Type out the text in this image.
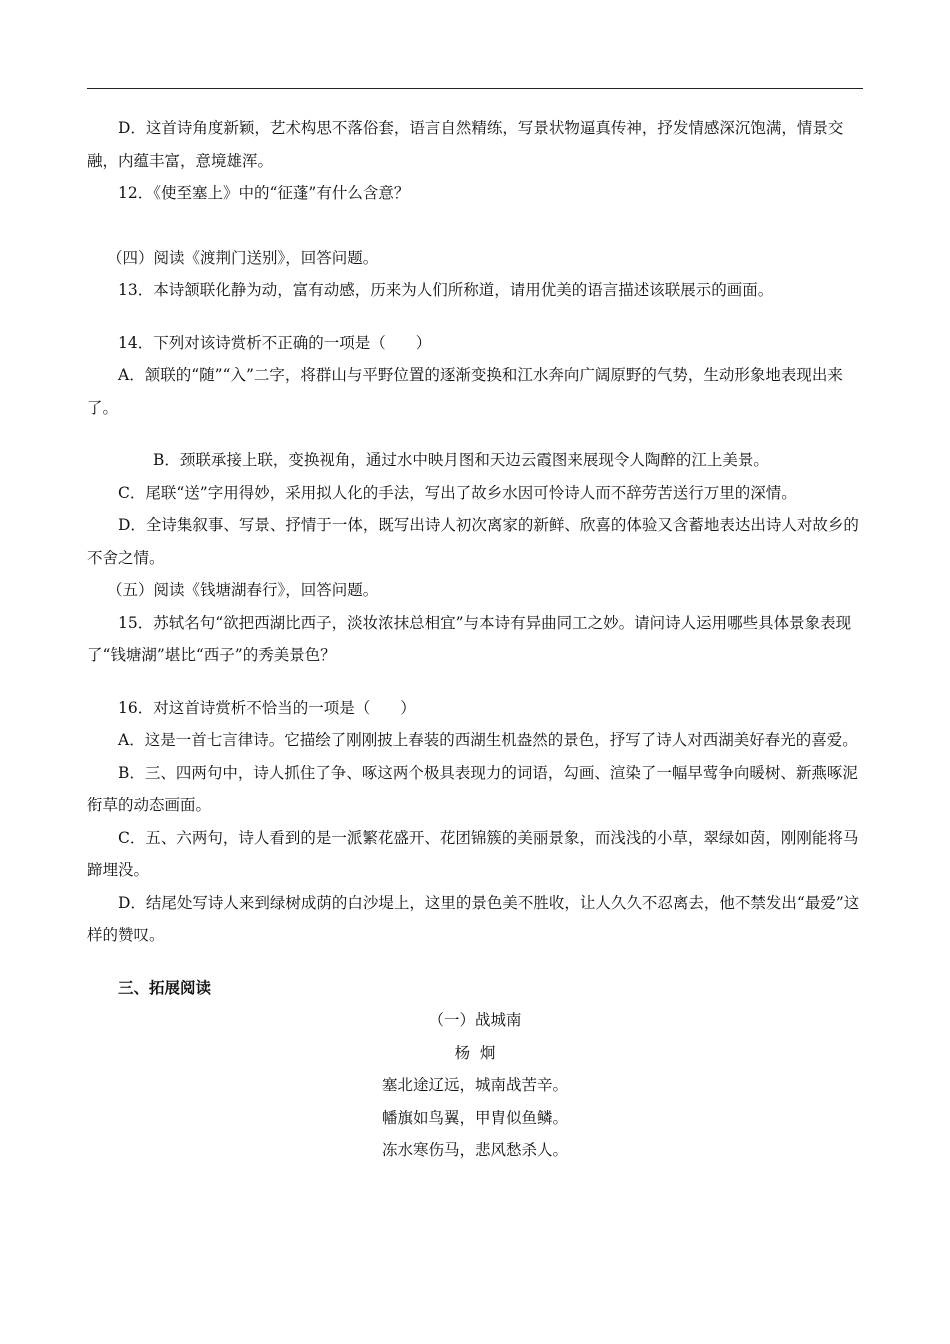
D．这首诗角度新颖，艺术构思不落俗套，语言自然精练，写景状物逼真传神，抒发情感深沉饱满，情景交融，内蕴丰富，意境雄浑。

12．《使至塞上》中的“征蓬”有什么含意？

（四）阅读《渡荆门送别》，回答问题。

13．本诗颔联化静为动，富有动感，历来为人们所称道，请用优美的语言描述该联展示的画面。

14．下列对该诗赏析不正确的一项是（ ）

A．颔联的“随”“入”二字，将群山与平野位置的逐渐变换和江水奔向广阔原野的气势，生动形象地表现出来了。

B．颈联承接上联，变换视角，通过水中映月图和天边云霞图来展现令人陶醉的江上美景。

C．尾联“送”字用得妙，采用拟人化的手法，写出了故乡水因可怜诗人而不辞劳苦送行万里的深情。

D．全诗集叙事、写景、抒情于一体，既写出诗人初次离家的新鲜、欣喜的体验又含蓄地表达出诗人对故乡的不舍之情。

（五）阅读《钱塘湖春行》，回答问题。

15．苏轼名句“欲把西湖比西子，淡妆浓抹总相宜”与本诗有异曲同工之妙。请问诗人运用哪些具体景象表现了“钱塘湖”堪比“西子”的秀美景色？

16．对这首诗赏析不恰当的一项是（ ）

A．这是一首七言律诗。它描绘了刚刚披上春装的西湖生机盎然的景色，抒写了诗人对西湖美好春光的喜爱。

B．三、四两句中，诗人抓住了争、啄这两个极具表现力的词语，勾画、渲染了一幅早莺争向暖树、新燕啄泥衔草的动态画面。

C．五、六两句，诗人看到的是一派繁花盛开、花团锦簇的美丽景象，而浅浅的小草，翠绿如茵，刚刚能将马蹄埋没。

D．结尾处写诗人来到绿树成荫的白沙堤上，这里的景色美不胜收，让人久久不忍离去，他不禁发出“最爱”这样的赞叹。

三、拓展阅读

（一）战城南

杨  炯

塞北途辽远，城南战苦辛。

幡旗如鸟翼，甲胄似鱼鳞。

冻水寒伤马，悲风愁杀人。
